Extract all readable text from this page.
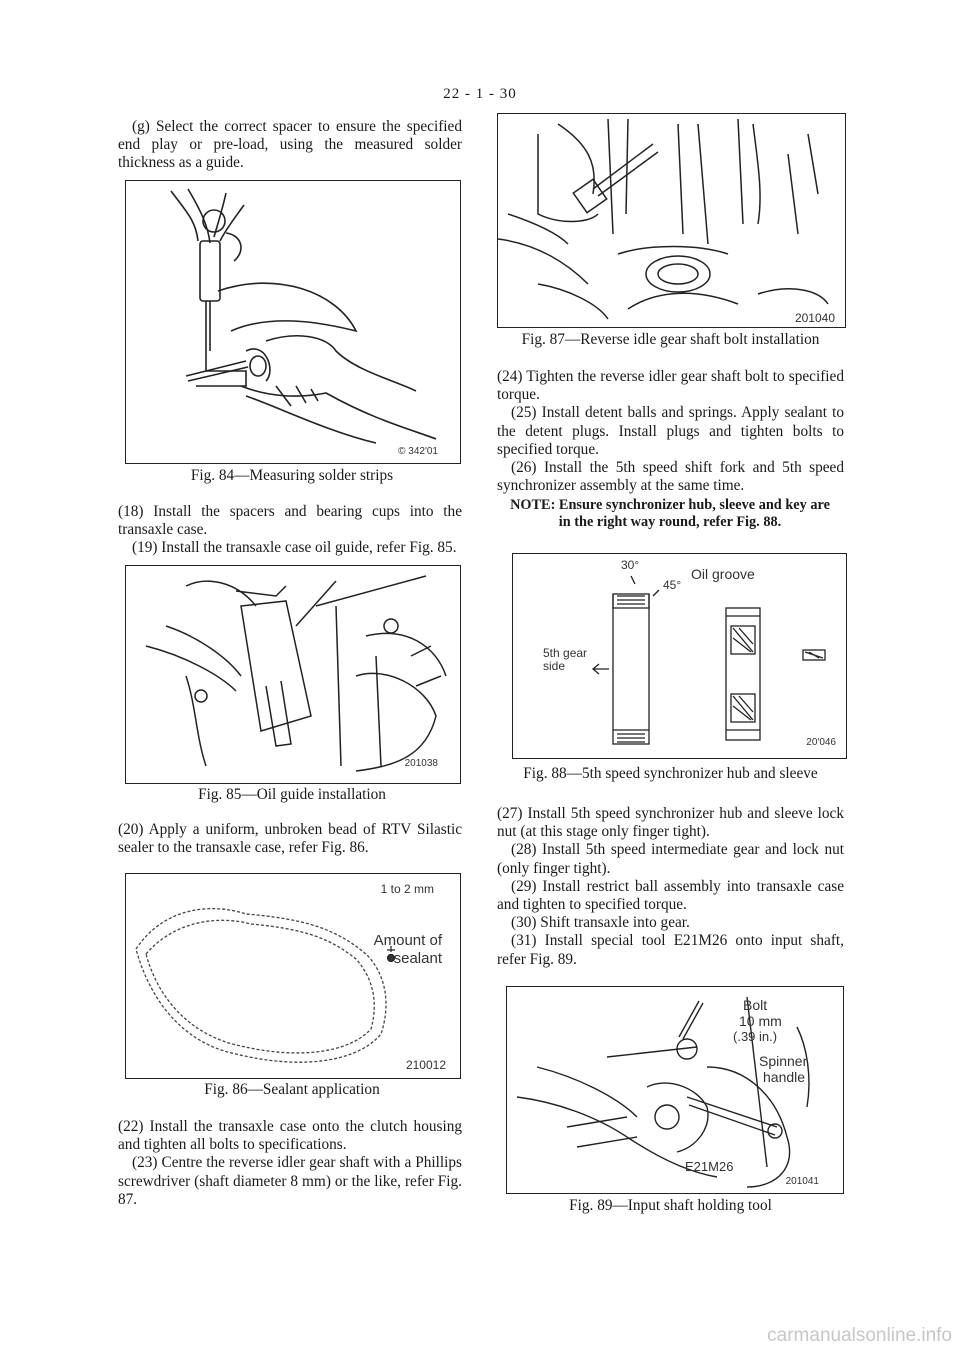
22 - 1 - 30

(g) Select the correct spacer to ensure the specified end play or pre-load, using the measured solder thickness as a guide.

© 342'01
Fig. 84—Measuring solder strips

(18) Install the spacers and bearing cups into the transaxle case.

(19) Install the transaxle case oil guide, refer Fig. 85.

201038
Fig. 85—Oil guide installation

(20) Apply a uniform, unbroken bead of RTV Silastic sealer to the transaxle case, refer Fig. 86.

1 to 2 mm
Amount of
sealant
210012
Fig. 86—Sealant application

(22) Install the transaxle case onto the clutch housing and tighten all bolts to specifications.

(23) Centre the reverse idler gear shaft with a Phillips screwdriver (shaft diameter 8 mm) or the like, refer Fig. 87.

201040
Fig. 87—Reverse idle gear shaft bolt installation

(24) Tighten the reverse idler gear shaft bolt to specified torque.

(25) Install detent balls and springs. Apply sealant to the detent plugs. Install plugs and tighten bolts to specified torque.

(26) Install the 5th speed shift fork and 5th speed synchronizer assembly at the same time.

NOTE: Ensure synchronizer hub, sleeve and key are in the right way round, refer Fig. 88.

30°
45°
Oil groove
5th gear
side
20'046
Fig. 88—5th speed synchronizer hub and sleeve

(27) Install 5th speed synchronizer hub and sleeve lock nut (at this stage only finger tight).

(28) Install 5th speed intermediate gear and lock nut (only finger tight).

(29) Install restrict ball assembly into transaxle case and tighten to specified torque.

(30) Shift transaxle into gear.

(31) Install special tool E21M26 onto input shaft, refer Fig. 89.

Bolt
10 mm
(.39 in.)
Spinner
handle
E21M26
201041
Fig. 89—Input shaft holding tool
carmanualsonline.info
